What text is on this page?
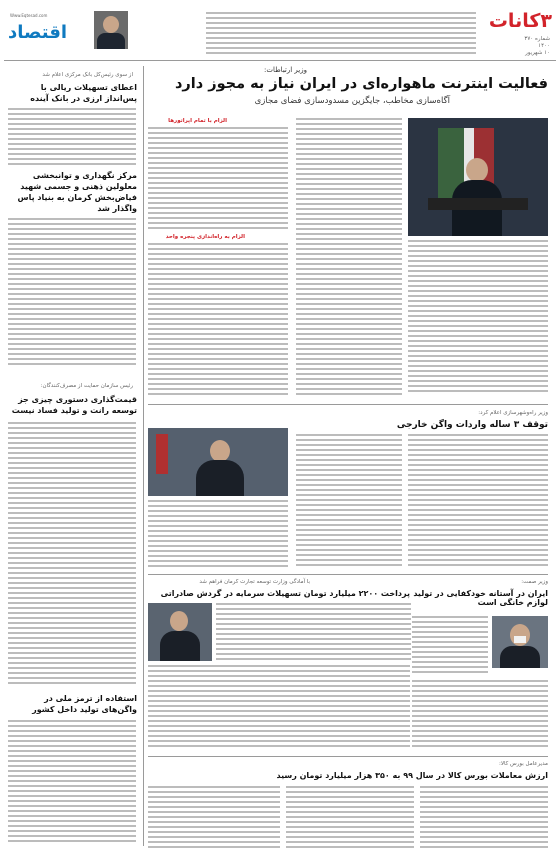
۳کانات
شماره ۳۷۰
۱۴۰۰
۱۰ شهریور
Www.Eqtesad.com
اقتصاد
وزیر ارتباطات:
فعالیت اینترنت ماهواره‌ای در ایران نیاز به مجوز دارد
آگاه‌سازی مخاطب، جایگزین مسدودسازی فضای مجازی
از سوی رئیس‌کل بانک مرکزی اعلام شد
اعطای تسهیلات ریالی با پس‌انداز ارزی در بانک آینده
مرکز نگهداری و توانبخشی معلولین ذهنی و جسمی شهید فیاض‌بخش کرمان به بنیاد پاس واگذار شد
رئیس سازمان حمایت از مصرف‌کنندگان:
قیمت‌گذاری دستوری چیزی جز توسعه رانت و تولید فساد نیست
استفاده از ترمز ملی در واگن‌های تولید داخل کشور
الزام با تمام اپراتورها
الزام به راه‌اندازی پنجره واحد
وزیر راه‌وشهرسازی اعلام کرد:
توقف ۳ ساله واردات واگن خارجی
با آمادگی وزارت توسعه تجارت کرمان فراهم شد
پرداخت ۲۲۰۰ میلیارد تومان تسهیلات سرمایه در گردش صادراتی
وزیر صمت:
ایران در آستانه خودکفایی در تولید لوازم خانگی است
مدیرعامل بورس کالا:
ارزش معاملات بورس کالا در سال ۹۹ به ۳۵۰ هزار میلیارد تومان رسید
